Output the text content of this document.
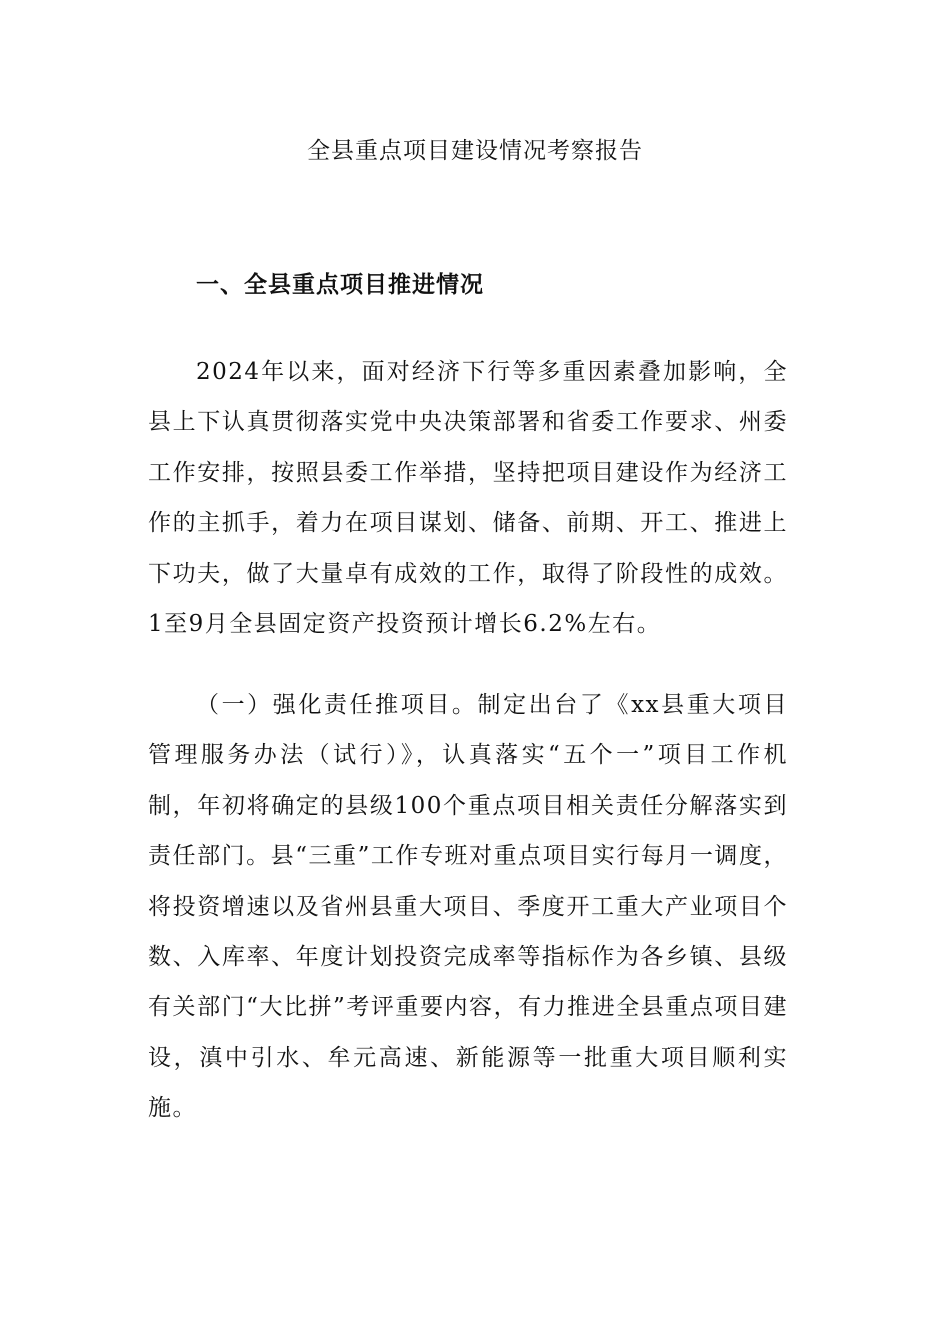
全县重点项目建设情况考察报告
一、全县重点项目推进情况

2024年以来，面对经济下行等多重因素叠加影响，全县上下认真贯彻落实党中央决策部署和省委工作要求、州委工作安排，按照县委工作举措，坚持把项目建设作为经济工作的主抓手，着力在项目谋划、储备、前期、开工、推进上下功夫，做了大量卓有成效的工作，取得了阶段性的成效。1至9月全县固定资产投资预计增长6.2%左右。

（一）强化责任推项目。制定出台了《xx县重大项目管理服务办法（试行）》，认真落实“五个一”项目工作机制，年初将确定的县级100个重点项目相关责任分解落实到责任部门。县“三重”工作专班对重点项目实行每月一调度，将投资增速以及省州县重大项目、季度开工重大产业项目个数、入库率、年度计划投资完成率等指标作为各乡镇、县级有关部门“大比拼”考评重要内容，有力推进全县重点项目建设，滇中引水、牟元高速、新能源等一批重大项目顺利实施。
